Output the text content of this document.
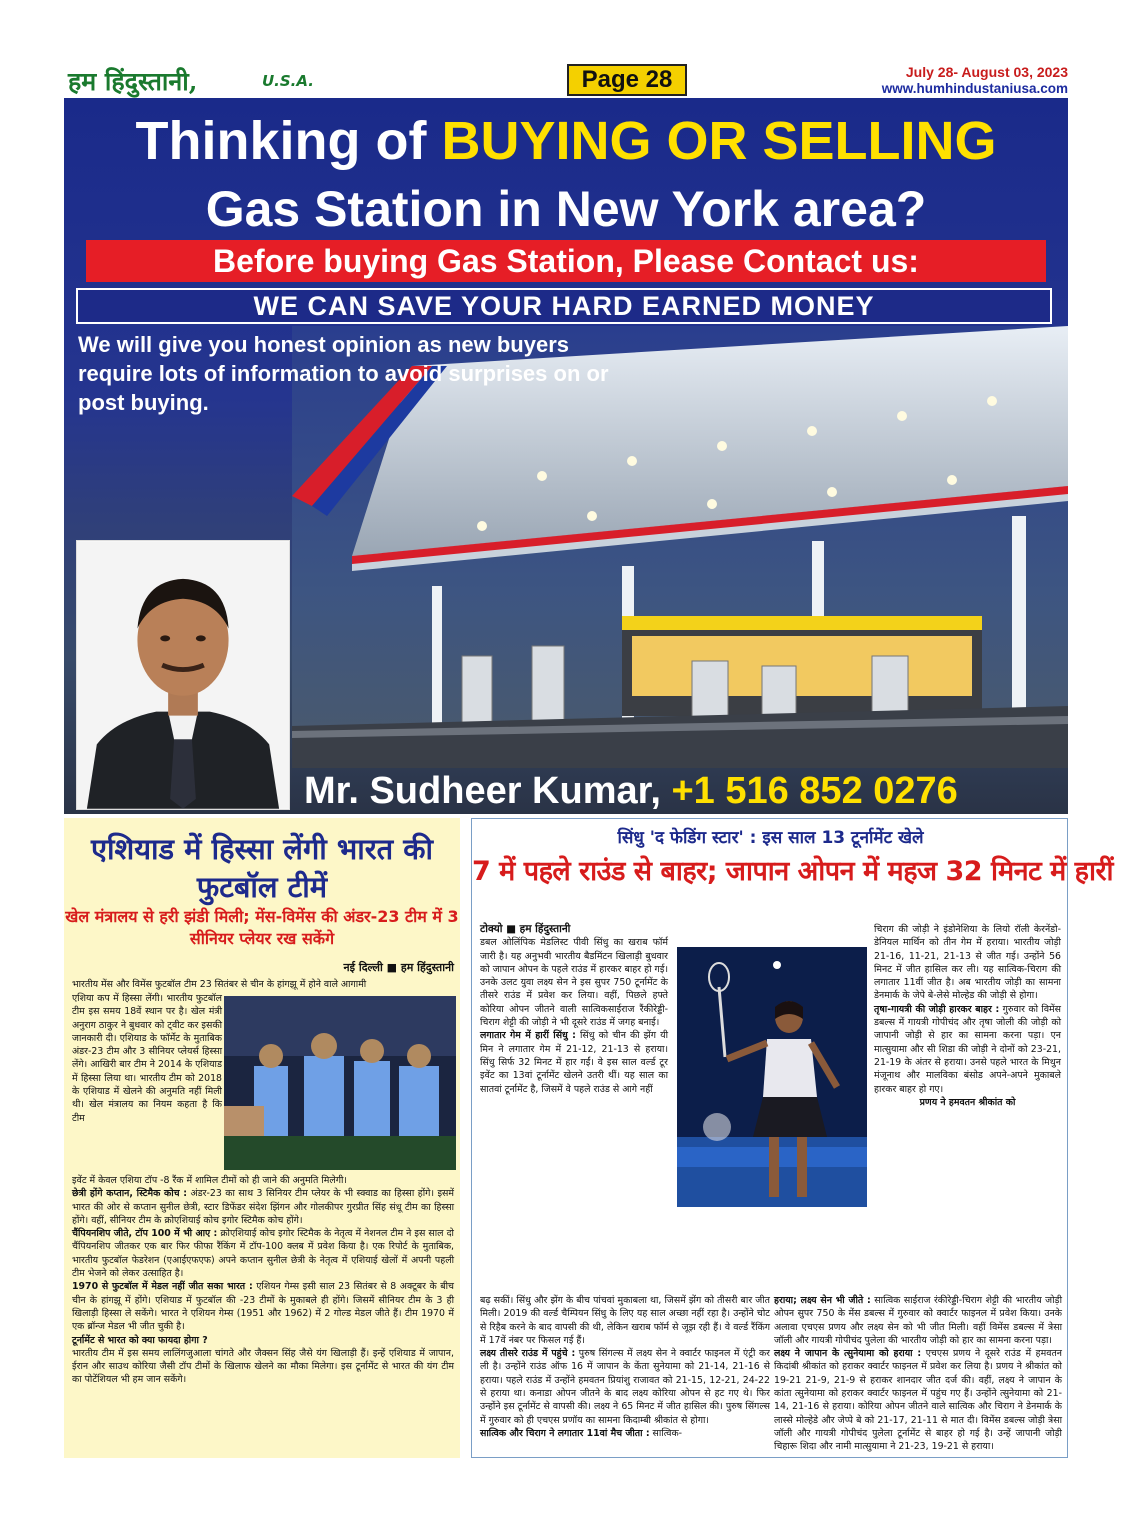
हम हिंदुस्तानी,	U.S.A.	Page 28	July 28- August 03, 2023
www.humhindustaniusa.com
Thinking of BUYING OR SELLING
Gas Station in New York area?
Before buying Gas Station, Please Contact us:
WE CAN SAVE YOUR HARD EARNED MONEY
We will give you honest opinion as new buyers require lots of information to avoid surprises on or post buying.
Mr. Sudheer Kumar, +1 516 852 0276
एशियाड में हिस्सा लेंगी भारत की फुटबॉल टीमें
खेल मंत्रालय से हरी झंडी मिली; मेंस-विमेंस की अंडर-23 टीम में 3 सीनियर प्लेयर रख सकेंगे
नई दिल्ली ■ हम हिंदुस्तानी
भारतीय मेंस और विमेंस फुटबॉल टीम 23 सितंबर से चीन के हांगझू में होने वाले आगामी
एशिया कप में हिस्सा लेंगी। भारतीय फुटबॉल टीम इस समय 18वें स्थान पर है। खेल मंत्री अनुराग ठाकुर ने बुधवार को ट्वीट कर इसकी जानकारी दी। एशियाड के फॉर्मेट के मुताबिक अंडर-23 टीम और 3 सीनियर प्लेयर्स हिस्सा लेंगे। आखिरी बार टीम ने 2014 के एशियाड में हिस्सा लिया था। भारतीय टीम को 2018 के एशियाड में खेलने की अनुमति नहीं मिली थी। खेल मंत्रालय का नियम कहता है कि टीम
इवेंट में केवल एशिया टॉप -8 रैंक में शामिल टीमों को ही जाने की अनुमति मिलेगी।
छेत्री होंगे कप्तान, स्टिमैक कोच : अंडर-23 का साथ 3 सिनियर टीम प्लेयर के भी स्क्वाड का हिस्सा होंगे। इसमें भारत की ओर से कप्तान सुनील छेत्री, स्टार डिफेंडर संदेश झिंगन और गोलकीपर गुरप्रीत सिंह संधू टीम का हिस्सा होंगे। वहीं, सीनियर टीम के क्रोएशियाई कोच इगोर स्टिमैक कोच होंगे।
चैंपियनशिप जीते, टॉप 100 में भी आए : क्रोएशियाई कोच इगोर स्टिमैक के नेतृत्व में नेशनल टीम ने इस साल दो चैंपियनशिप जीतकर एक बार फिर फीफा रैंकिंग में टॉप-100 क्लब में प्रवेश किया है। एक रिपोर्ट के मुताबिक, भारतीय फुटबॉल फेडरेशन (एआईएफएफ) अपने कप्तान सुनील छेत्री के नेतृत्व में एशियाई खेलों में अपनी पहली टीम भेजने को लेकर उत्साहित है।
1970 से फुटबॉल में मेडल नहीं जीत सका भारत : एशियन गेम्स इसी साल 23 सितंबर से 8 अक्टूबर के बीच चीन के हांगझू में होंगे। एशियाड में फुटबॉल की -23 टीमों के मुकाबले ही होंगे। जिसमें सीनियर टीम के 3 ही खिलाड़ी हिस्सा ले सकेंगे। भारत ने एशियन गेम्स (1951 और 1962) में 2 गोल्ड मेडल जीते हैं। टीम 1970 में एक ब्रॉन्ज मेडल भी जीत चुकी है।
टूर्नामेंट से भारत को क्या फायदा होगा ?
भारतीय टीम में इस समय लालिंगजुआला चांगते और जैक्सन सिंह जैसे यंग खिलाड़ी हैं। इन्हें एशियाड में जापान, ईरान और साउथ कोरिया जैसी टॉप टीमों के खिलाफ खेलने का मौका मिलेगा। इस टूर्नामेंट से भारत की यंग टीम का पोटेंशियल भी हम जान सकेंगे।
सिंधु 'द फेडिंग स्टार' : इस साल 13 टूर्नामेंट खेले
7 में पहले राउंड से बाहर; जापान ओपन में महज 32 मिनट में हारीं
टोक्यो ■ हम हिंदुस्तानी
डबल ओलिंपिक मेडलिस्ट पीवी सिंधु का खराब फॉर्म जारी है। यह अनुभवी भारतीय बैडमिंटन खिलाड़ी बुधवार को जापान ओपन के पहले राउंड में हारकर बाहर हो गई। उनके उलट युवा लक्ष्य सेन ने इस सुपर 750 टूर्नामेंट के तीसरे राउंड में प्रवेश कर लिया। वहीं, पिछले हफ्ते कोरिया ओपन जीतने वाली सात्विकसाईराज रैंकीरेड्डी-चिराग शेट्टी की जोड़ी ने भी दूसरे राउंड में जगह बनाई।
लगातार गेम में हारीं सिंधु : सिंधु को चीन की झेंग यी मिन ने लगातार गेम में 21-12, 21-13 से हराया। सिंधु सिर्फ 32 मिनट में हार गईं। वे इस साल वर्ल्ड टूर इवेंट का 13वां टूर्नामेंट खेलने उतरी थीं। यह साल का सातवां टूर्नामेंट है, जिसमें वे पहले राउंड से आगे नहीं
चिराग की जोड़ी ने इंडोनेशिया के लियो रॉली केरनेंडो-डेनियल मार्थिन को तीन गेम में हराया। भारतीय जोड़ी 21-16, 11-21, 21-13 से जीत गई। उन्होंने 56 मिनट में जीत हासिल कर ली। यह सात्विक-चिराग की लगातार 11वीं जीत है। अब भारतीय जोड़ी का सामना डेनमार्क के जेपे बे-लेसे मोल्हेड की जोड़ी से होगा।
तृषा-गायत्री की जोड़ी हारकर बाहर : गुरुवार को विमेंस डबल्स में गायत्री गोपीचंद और तृषा जोली की जोड़ी को जापानी जोड़ी से हार का सामना करना पड़ा। एन मात्सुयामा और सी शिडा की जोड़ी ने दोनों को 23-21, 21-19 के अंतर से हराया। उनसे पहले भारत के मिथुन मंजूनाथ और मालविका बंसोड अपने-अपने मुकाबले हारकर बाहर हो गए।
प्रणय ने हमवतन श्रीकांत को
बढ़ सकीं। सिंधु और झेंग के बीच पांचवां मुकाबला था, जिसमें झेंग को तीसरी बार जीत मिली। 2019 की वर्ल्ड चैम्पियन सिंधु के लिए यह साल अच्छा नहीं रहा है। उन्होंने चोट से रिहैब करने के बाद वापसी की थी, लेकिन खराब फॉर्म से जूझ रही हैं। वे वर्ल्ड रैंकिंग में 17वें नंबर पर फिसल गई हैं।
लक्ष्य तीसरे राउंड में पहुंचे : पुरुष सिंगल्स में लक्ष्य सेन ने क्वार्टर फाइनल में एंट्री कर ली है। उन्होंने राउंड ऑफ 16 में जापान के केंता सुनेयामा को 21-14, 21-16 से हराया। पहले राउंड में उन्होंने हमवतन प्रियांशु राजावत को 21-15, 12-21, 24-22 से हराया था। कनाडा ओपन जीतने के बाद लक्ष्य कोरिया ओपन से हट गए थे। फिर उन्होंने इस टूर्नामेंट से वापसी की। लक्ष्य ने 65 मिनट में जीत हासिल की। पुरुष सिंगल्स में गुरुवार को ही एचएस प्रणॉय का सामना किदाम्बी श्रीकांत से होगा।
सात्विक और चिराग ने लगातार 11वां मैच जीता : सात्विक-
हराया; लक्ष्य सेन भी जीते : सात्विक साईराज रंकीरेड्डी-चिराग शेट्टी की भारतीय जोड़ी ओपन सुपर 750 के मेंस डबल्स में गुरुवार को क्वार्टर फाइनल में प्रवेश किया। उनके अलावा एचएस प्रणय और लक्ष्य सेन को भी जीत मिली। वहीं विमेंस डबल्स में त्रेसा जॉली और गायत्री गोपीचंद पुलेला की भारतीय जोड़ी को हार का सामना करना पड़ा।
लक्ष्य ने जापान के त्सुनेयामा को हराया : एचएस प्रणय ने दूसरे राउंड में हमवतन किदांबी श्रीकांत को हराकर क्वार्टर फाइनल में प्रवेश कर लिया है। प्रणय ने श्रीकांत को 19-21 21-9, 21-9 से हराकर शानदार जीत दर्ज की। वहीं, लक्ष्य ने जापान के कांता त्सुनेयामा को हराकर क्वार्टर फाइनल में पहुंच गए हैं। उन्होंने त्सुनेयामा को 21-14, 21-16 से हराया। कोरिया ओपन जीतने वाले सात्विक और चिराग ने डेनमार्क के लास्से मोल्हेडे और जेप्पे बे को 21-17, 21-11 से मात दी। विमेंस डबल्स जोड़ी त्रेसा जॉली और गायत्री गोपीचंद पुलेला टूर्नामेंट से बाहर हो गई है। उन्हें जापानी जोड़ी चिहारू शिदा और नामी मात्सुयामा ने 21-23, 19-21 से हराया।
